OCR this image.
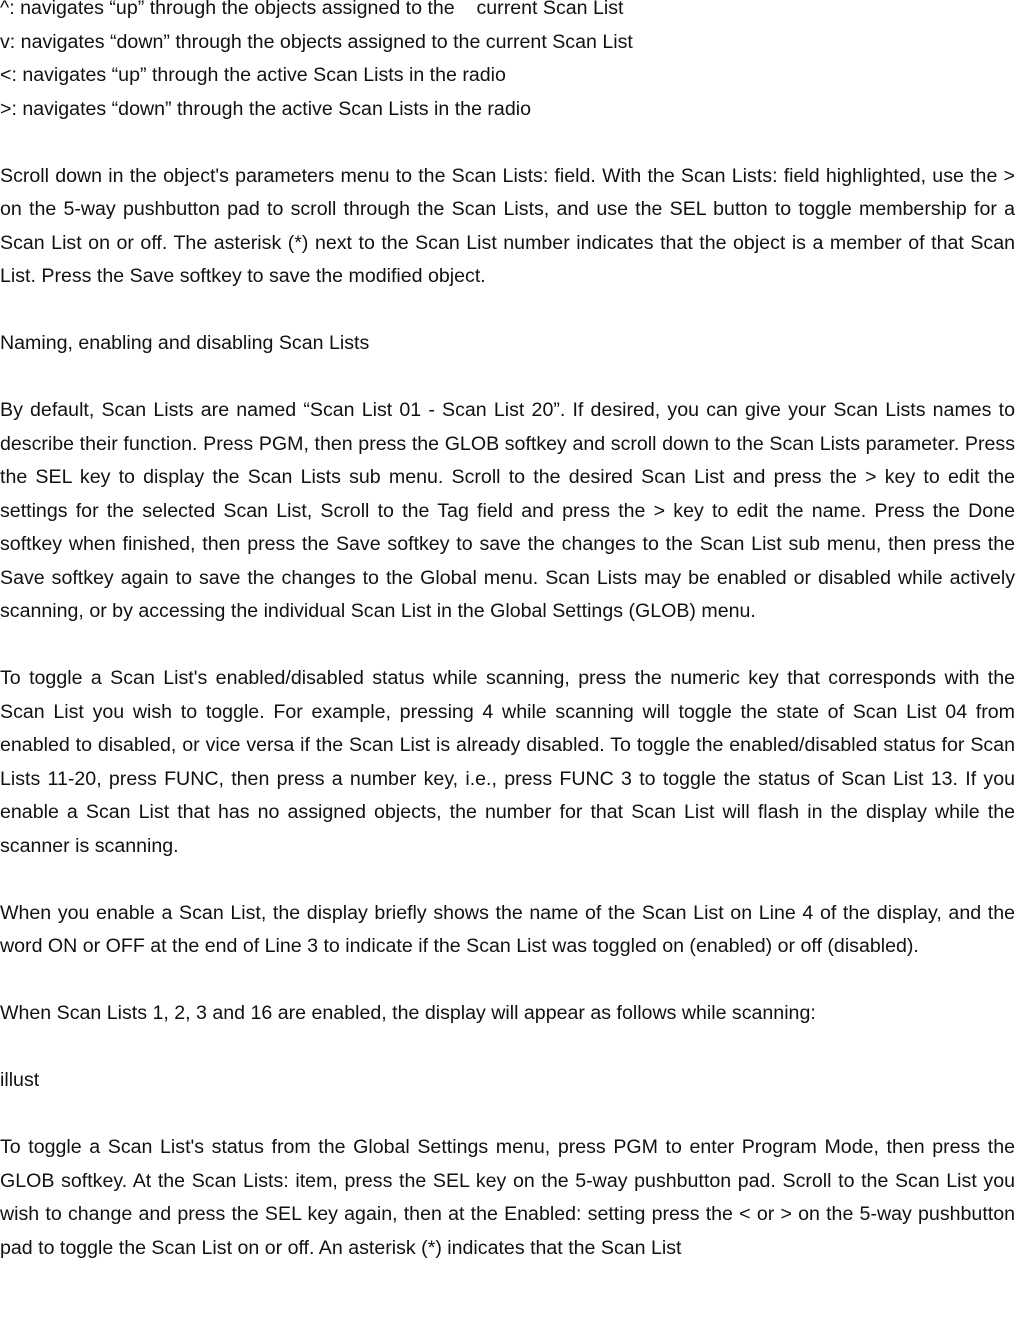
^: navigates “up” through the objects assigned to the    current Scan List
v: navigates “down” through the objects assigned to the current Scan List
<: navigates “up” through the active Scan Lists in the radio
>: navigates “down” through the active Scan Lists in the radio

Scroll down in the object's parameters menu to the Scan Lists: field. With the Scan Lists: field highlighted, use the > on the 5-way pushbutton pad to scroll through the Scan Lists, and use the SEL button to toggle membership for a Scan List on or off. The asterisk (*) next to the Scan List number indicates that the object is a member of that Scan List. Press the Save softkey to save the modified object.

Naming, enabling and disabling Scan Lists

By default, Scan Lists are named “Scan List 01 - Scan List 20”. If desired, you can give your Scan Lists names to describe their function. Press PGM, then press the GLOB softkey and scroll down to the Scan Lists parameter. Press the SEL key to display the Scan Lists sub menu. Scroll to the desired Scan List and press the > key to edit the settings for the selected Scan List, Scroll to the Tag field and press the > key to edit the name. Press the Done softkey when finished, then press the Save softkey to save the changes to the Scan List sub menu, then press the Save softkey again to save the changes to the Global menu. Scan Lists may be enabled or disabled while actively scanning, or by accessing the individual Scan List in the Global Settings (GLOB) menu.

To toggle a Scan List's enabled/disabled status while scanning, press the numeric key that corresponds with the Scan List you wish to toggle. For example, pressing 4 while scanning will toggle the state of Scan List 04 from enabled to disabled, or vice versa if the Scan List is already disabled. To toggle the enabled/disabled status for Scan Lists 11-20, press FUNC, then press a number key, i.e., press FUNC 3 to toggle the status of Scan List 13. If you enable a Scan List that has no assigned objects, the number for that Scan List will flash in the display while the scanner is scanning.

When you enable a Scan List, the display briefly shows the name of the Scan List on Line 4 of the display, and the word ON or OFF at the end of Line 3 to indicate if the Scan List was toggled on (enabled) or off (disabled).

When Scan Lists 1, 2, 3 and 16 are enabled, the display will appear as follows while scanning:

illust

To toggle a Scan List's status from the Global Settings menu, press PGM to enter Program Mode, then press the GLOB softkey. At the Scan Lists: item, press the SEL key on the 5-way pushbutton pad. Scroll to the Scan List you wish to change and press the SEL key again, then at the Enabled: setting press the < or > on the 5-way pushbutton pad to toggle the Scan List on or off. An asterisk (*) indicates that the Scan List
